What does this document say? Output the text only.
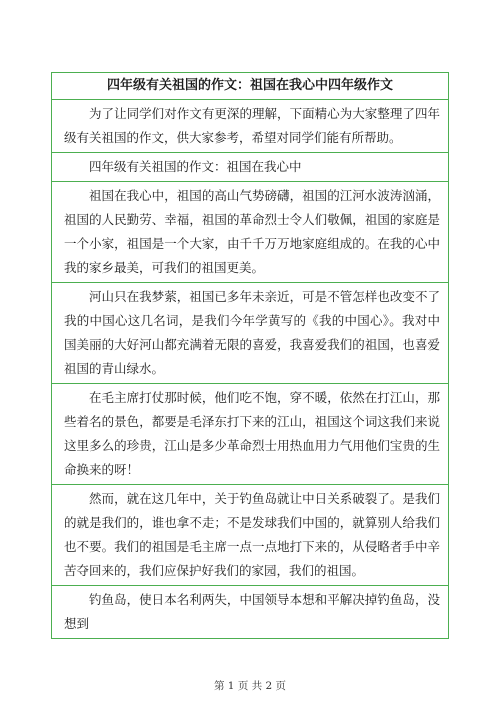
四年级有关祖国的作文：祖国在我心中四年级作文

为了让同学们对作文有更深的理解，下面精心为大家整理了四年级有关祖国的作文，供大家参考，希望对同学们能有所帮助。

四年级有关祖国的作文：祖国在我心中

祖国在我心中，祖国的高山气势磅礴，祖国的江河水波涛汹涌，祖国的人民勤劳、幸福，祖国的革命烈士令人们敬佩，祖国的家庭是一个小家，祖国是一个大家，由千千万万地家庭组成的。在我的心中我的家乡最美，可我们的祖国更美。

河山只在我梦萦，祖国已多年未亲近，可是不管怎样也改变不了我的中国心这几名词，是我们今年学黄写的《我的中国心》。我对中国美丽的大好河山都充满着无限的喜爱，我喜爱我们的祖国，也喜爱祖国的青山绿水。

在毛主席打仗那时候，他们吃不饱，穿不暖，依然在打江山，那些着名的景色，都要是毛泽东打下来的江山，祖国这个词这我们来说这里多么的珍贵，江山是多少革命烈士用热血用力气用他们宝贵的生命换来的呀！

然而，就在这几年中，关于钓鱼岛就让中日关系破裂了。是我们的就是我们的，谁也拿不走；不是发球我们中国的，就算别人给我们也不要。我们的祖国是毛主席一点一点地打下来的，从侵略者手中辛苦夺回来的，我们应保护好我们的家园，我们的祖国。

钓鱼岛，使日本名利两失，中国领导本想和平解决掉钓鱼岛，没想到

第 1 页 共 2 页
